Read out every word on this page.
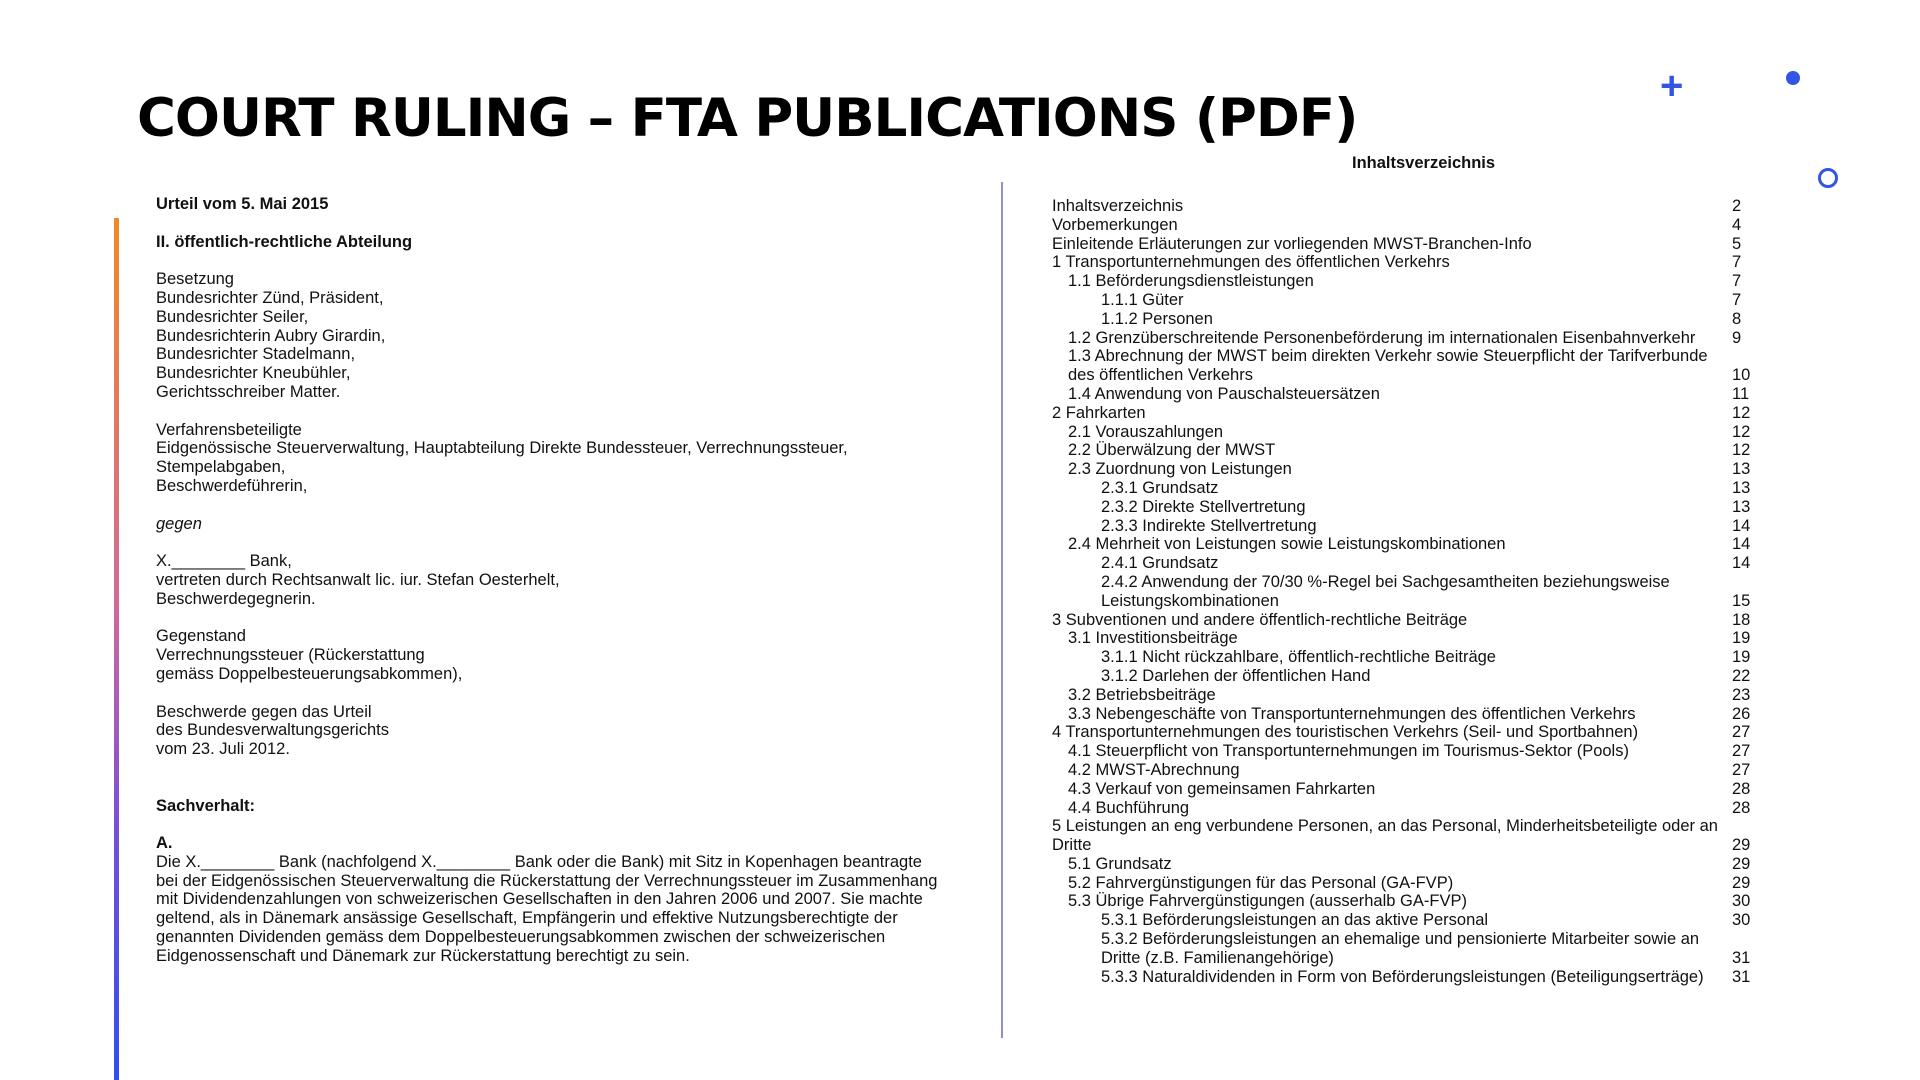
COURT RULING – FTA PUBLICATIONS (PDF)
+
Urteil vom 5. Mai 2015
II. öffentlich-rechtliche Abteilung
Besetzung
Bundesrichter Zünd, Präsident,
Bundesrichter Seiler,
Bundesrichterin Aubry Girardin,
Bundesrichter Stadelmann,
Bundesrichter Kneubühler,
Gerichtsschreiber Matter.
Verfahrensbeteiligte
Eidgenössische Steuerverwaltung, Hauptabteilung Direkte Bundessteuer, Verrechnungssteuer,
Stempelabgaben,
Beschwerdeführerin,
gegen
X.________ Bank,
vertreten durch Rechtsanwalt lic. iur. Stefan Oesterhelt,
Beschwerdegegnerin.
Gegenstand
Verrechnungssteuer (Rückerstattung
gemäss Doppelbesteuerungsabkommen),
Beschwerde gegen das Urteil
des Bundesverwaltungsgerichts
vom 23. Juli 2012.
Sachverhalt:
A.
Die X.________ Bank (nachfolgend X.________ Bank oder die Bank) mit Sitz in Kopenhagen beantragte
bei der Eidgenössischen Steuerverwaltung die Rückerstattung der Verrechnungssteuer im Zusammenhang
mit Dividendenzahlungen von schweizerischen Gesellschaften in den Jahren 2006 und 2007. Sie machte
geltend, als in Dänemark ansässige Gesellschaft, Empfängerin und effektive Nutzungsberechtigte der
genannten Dividenden gemäss dem Doppelbesteuerungsabkommen zwischen der schweizerischen
Eidgenossenschaft und Dänemark zur Rückerstattung berechtigt zu sein.
Inhaltsverzeichnis
Inhaltsverzeichnis	2
Vorbemerkungen	4
Einleitende Erläuterungen zur vorliegenden MWST-Branchen-Info	5
1 Transportunternehmungen des öffentlichen Verkehrs	7
1.1 Beförderungsdienstleistungen	7
1.1.1 Güter	7
1.1.2 Personen	8
1.2 Grenzüberschreitende Personenbeförderung im internationalen Eisenbahnverkehr	9
1.3 Abrechnung der MWST beim direkten Verkehr sowie Steuerpflicht der Tarifverbunde des öffentlichen Verkehrs	10
1.4 Anwendung von Pauschalsteuersätzen	11
2 Fahrkarten	12
2.1 Vorauszahlungen	12
2.2 Überwälzung der MWST	12
2.3 Zuordnung von Leistungen	13
2.3.1 Grundsatz	13
2.3.2 Direkte Stellvertretung	13
2.3.3 Indirekte Stellvertretung	14
2.4 Mehrheit von Leistungen sowie Leistungskombinationen	14
2.4.1 Grundsatz	14
2.4.2 Anwendung der 70/30 %-Regel bei Sachgesamtheiten beziehungsweise Leistungskombinationen	15
3 Subventionen und andere öffentlich-rechtliche Beiträge	18
3.1 Investitionsbeiträge	19
3.1.1 Nicht rückzahlbare, öffentlich-rechtliche Beiträge	19
3.1.2 Darlehen der öffentlichen Hand	22
3.2 Betriebsbeiträge	23
3.3 Nebengeschäfte von Transportunternehmungen des öffentlichen Verkehrs	26
4 Transportunternehmungen des touristischen Verkehrs (Seil- und Sportbahnen)	27
4.1 Steuerpflicht von Transportunternehmungen im Tourismus-Sektor (Pools)	27
4.2 MWST-Abrechnung	27
4.3 Verkauf von gemeinsamen Fahrkarten	28
4.4 Buchführung	28
5 Leistungen an eng verbundene Personen, an das Personal, Minderheitsbeteiligte oder an Dritte	29
5.1 Grundsatz	29
5.2 Fahrvergünstigungen für das Personal (GA-FVP)	29
5.3 Übrige Fahrvergünstigungen (ausserhalb GA-FVP)	30
5.3.1 Beförderungsleistungen an das aktive Personal	30
5.3.2 Beförderungsleistungen an ehemalige und pensionierte Mitarbeiter sowie an Dritte (z.B. Familienangehörige)	31
5.3.3 Naturaldividenden in Form von Beförderungsleistungen (Beteiligungserträge)	31
